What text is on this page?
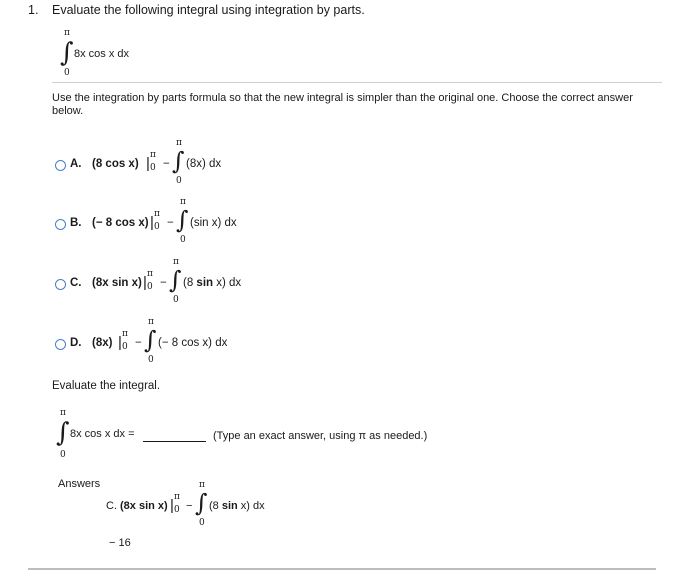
1. Evaluate the following integral using integration by parts.
π
∫ 8x cos x dx
0
Use the integration by parts formula so that the new integral is simpler than the original one. Choose the correct answer below.
A. (8 cos x)
π
0
| −
π
∫
0
(8x) dx
B. (− 8 cos x)
π
0
| −
π
∫
0
(sin x) dx
C. (8x sin x)
π
0
| −
π
∫
0
(8 sin x) dx
D. (8x)
π
0
| −
π
∫
0
(− 8 cos x) dx
Evaluate the integral.
π
∫ 8x cos x dx =
0
(Type an exact answer, using π as needed.)
Answers
C. (8x sin x)
π
0
| −
π
∫
0
(8 sin x) dx
− 16
